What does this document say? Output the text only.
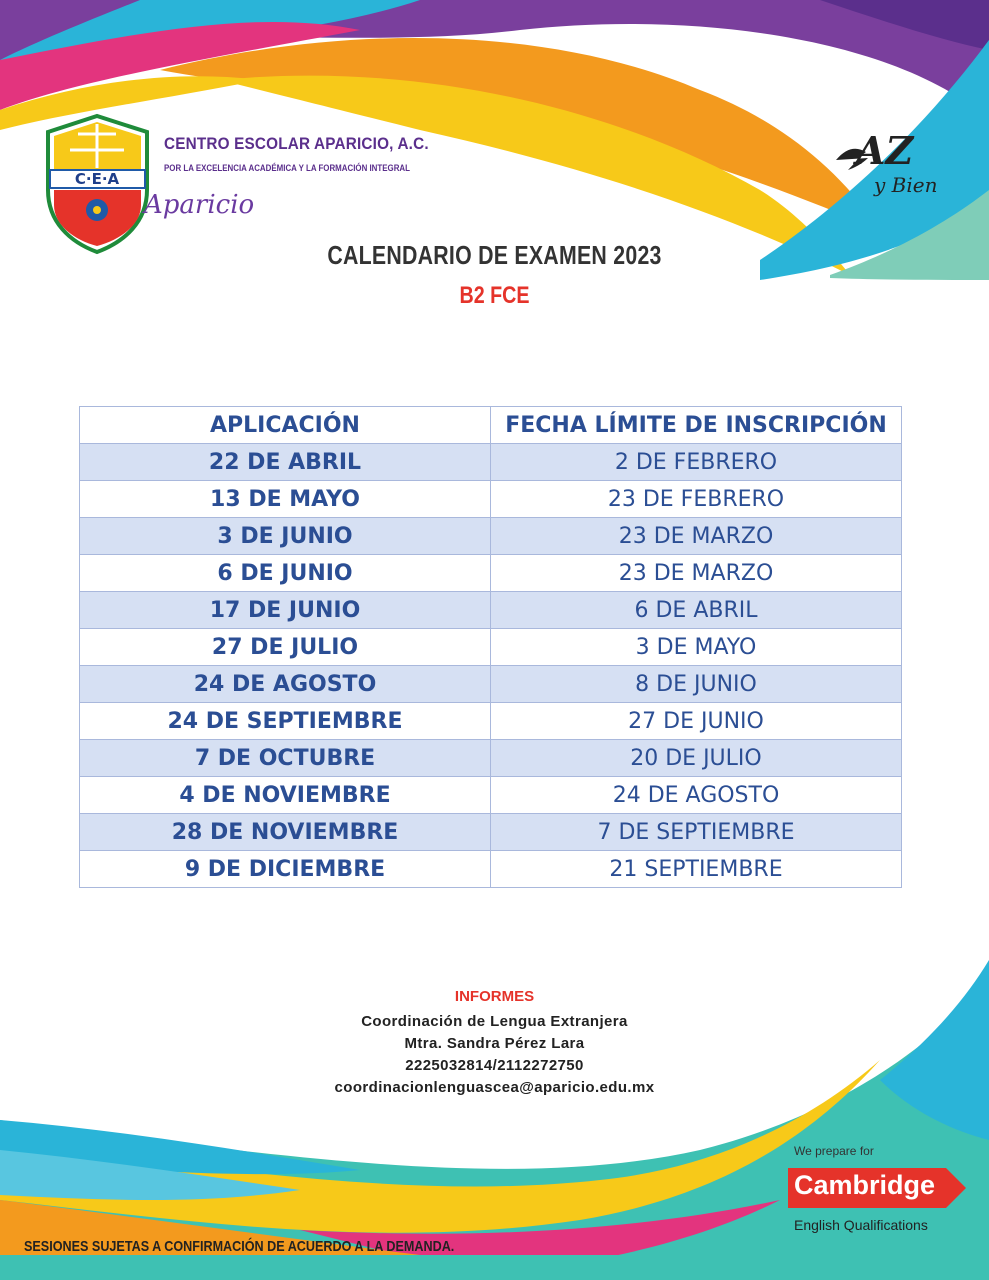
C·E·A
CENTRO ESCOLAR APARICIO, A.C.
POR LA EXCELENCIA ACADÉMICA Y LA FORMACIÓN INTEGRAL
Aparicio
AZ
y Bien
CALENDARIO DE EXAMEN 2023
B2 FCE
APLICACIÓN	FECHA LÍMITE DE INSCRIPCIÓN
22 DE ABRIL	2 DE FEBRERO
13 DE MAYO	23 DE FEBRERO
3 DE JUNIO	23 DE MARZO
6 DE JUNIO	23 DE MARZO
17 DE JUNIO	6 DE ABRIL
27 DE JULIO	3 DE MAYO
24 DE AGOSTO	8 DE JUNIO
24 DE SEPTIEMBRE	27 DE JUNIO
7 DE OCTUBRE	20 DE JULIO
4 DE NOVIEMBRE	24 DE AGOSTO
28 DE NOVIEMBRE	7 DE SEPTIEMBRE
9 DE DICIEMBRE	21 SEPTIEMBRE
INFORMES
Coordinación de Lengua Extranjera
Mtra. Sandra Pérez Lara
2225032814/2112272750
coordinacionlenguascea@aparicio.edu.mx
We prepare for
Cambridge
English Qualifications
SESIONES SUJETAS A CONFIRMACIÓN DE ACUERDO A LA DEMANDA.
